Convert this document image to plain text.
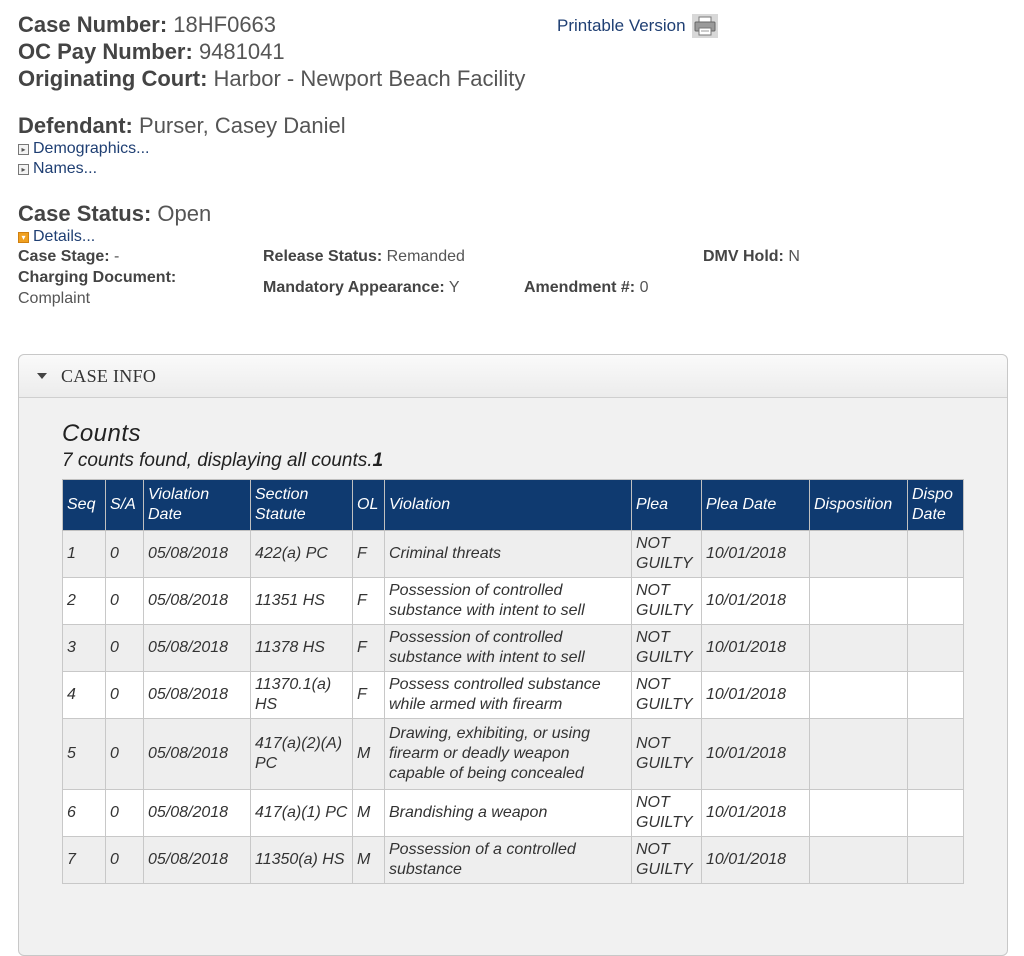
Case Number: 18HF0663
OC Pay Number: 9481041
Originating Court: Harbor - Newport Beach Facility
Printable Version
Defendant: Purser, Casey Daniel
▸ Demographics...
▸ Names...
Case Status: Open
▾ Details...
Case Stage: -
Charging Document:
Complaint
Release Status: Remanded
Mandatory Appearance: Y	Amendment #: 0
DMV Hold: N
CASE INFO
Counts
7 counts found, displaying all counts.1
Seq	S/A	Violation Date	Section Statute	OL	Violation	Plea	Plea Date	Disposition	Dispo Date
1	0	05/08/2018	422(a) PC	F	Criminal threats	NOT GUILTY	10/01/2018		
2	0	05/08/2018	11351 HS	F	Possession of controlled substance with intent to sell	NOT GUILTY	10/01/2018		
3	0	05/08/2018	11378 HS	F	Possession of controlled substance with intent to sell	NOT GUILTY	10/01/2018		
4	0	05/08/2018	11370.1(a) HS	F	Possess controlled substance while armed with firearm	NOT GUILTY	10/01/2018		
5	0	05/08/2018	417(a)(2)(A) PC	M	Drawing, exhibiting, or using firearm or deadly weapon capable of being concealed	NOT GUILTY	10/01/2018		
6	0	05/08/2018	417(a)(1) PC	M	Brandishing a weapon	NOT GUILTY	10/01/2018		
7	0	05/08/2018	11350(a) HS	M	Possession of a controlled substance	NOT GUILTY	10/01/2018		
